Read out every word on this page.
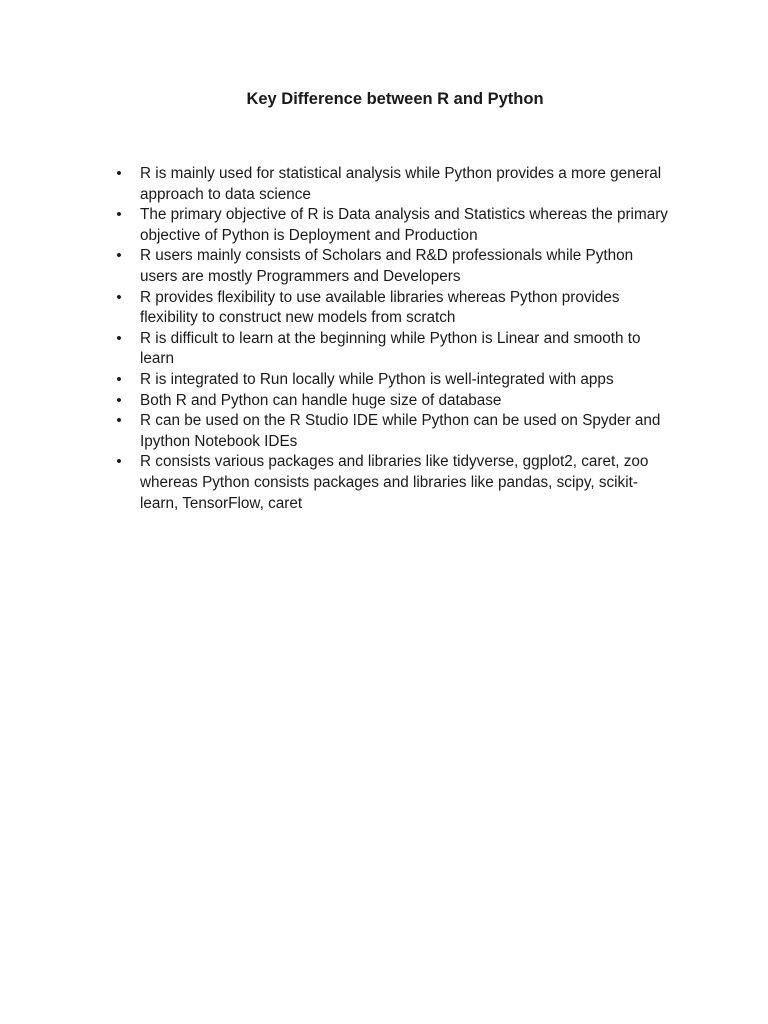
Key Difference between R and Python
• R is mainly used for statistical analysis while Python provides a more general approach to data science
• The primary objective of R is Data analysis and Statistics whereas the primary objective of Python is Deployment and Production
• R users mainly consists of Scholars and R&D professionals while Python users are mostly Programmers and Developers
• R provides flexibility to use available libraries whereas Python provides flexibility to construct new models from scratch
• R is difficult to learn at the beginning while Python is Linear and smooth to learn
• R is integrated to Run locally while Python is well-integrated with apps
• Both R and Python can handle huge size of database
• R can be used on the R Studio IDE while Python can be used on Spyder and Ipython Notebook IDEs
• R consists various packages and libraries like tidyverse, ggplot2, caret, zoo whereas Python consists packages and libraries like pandas, scipy, scikit-learn, TensorFlow, caret
